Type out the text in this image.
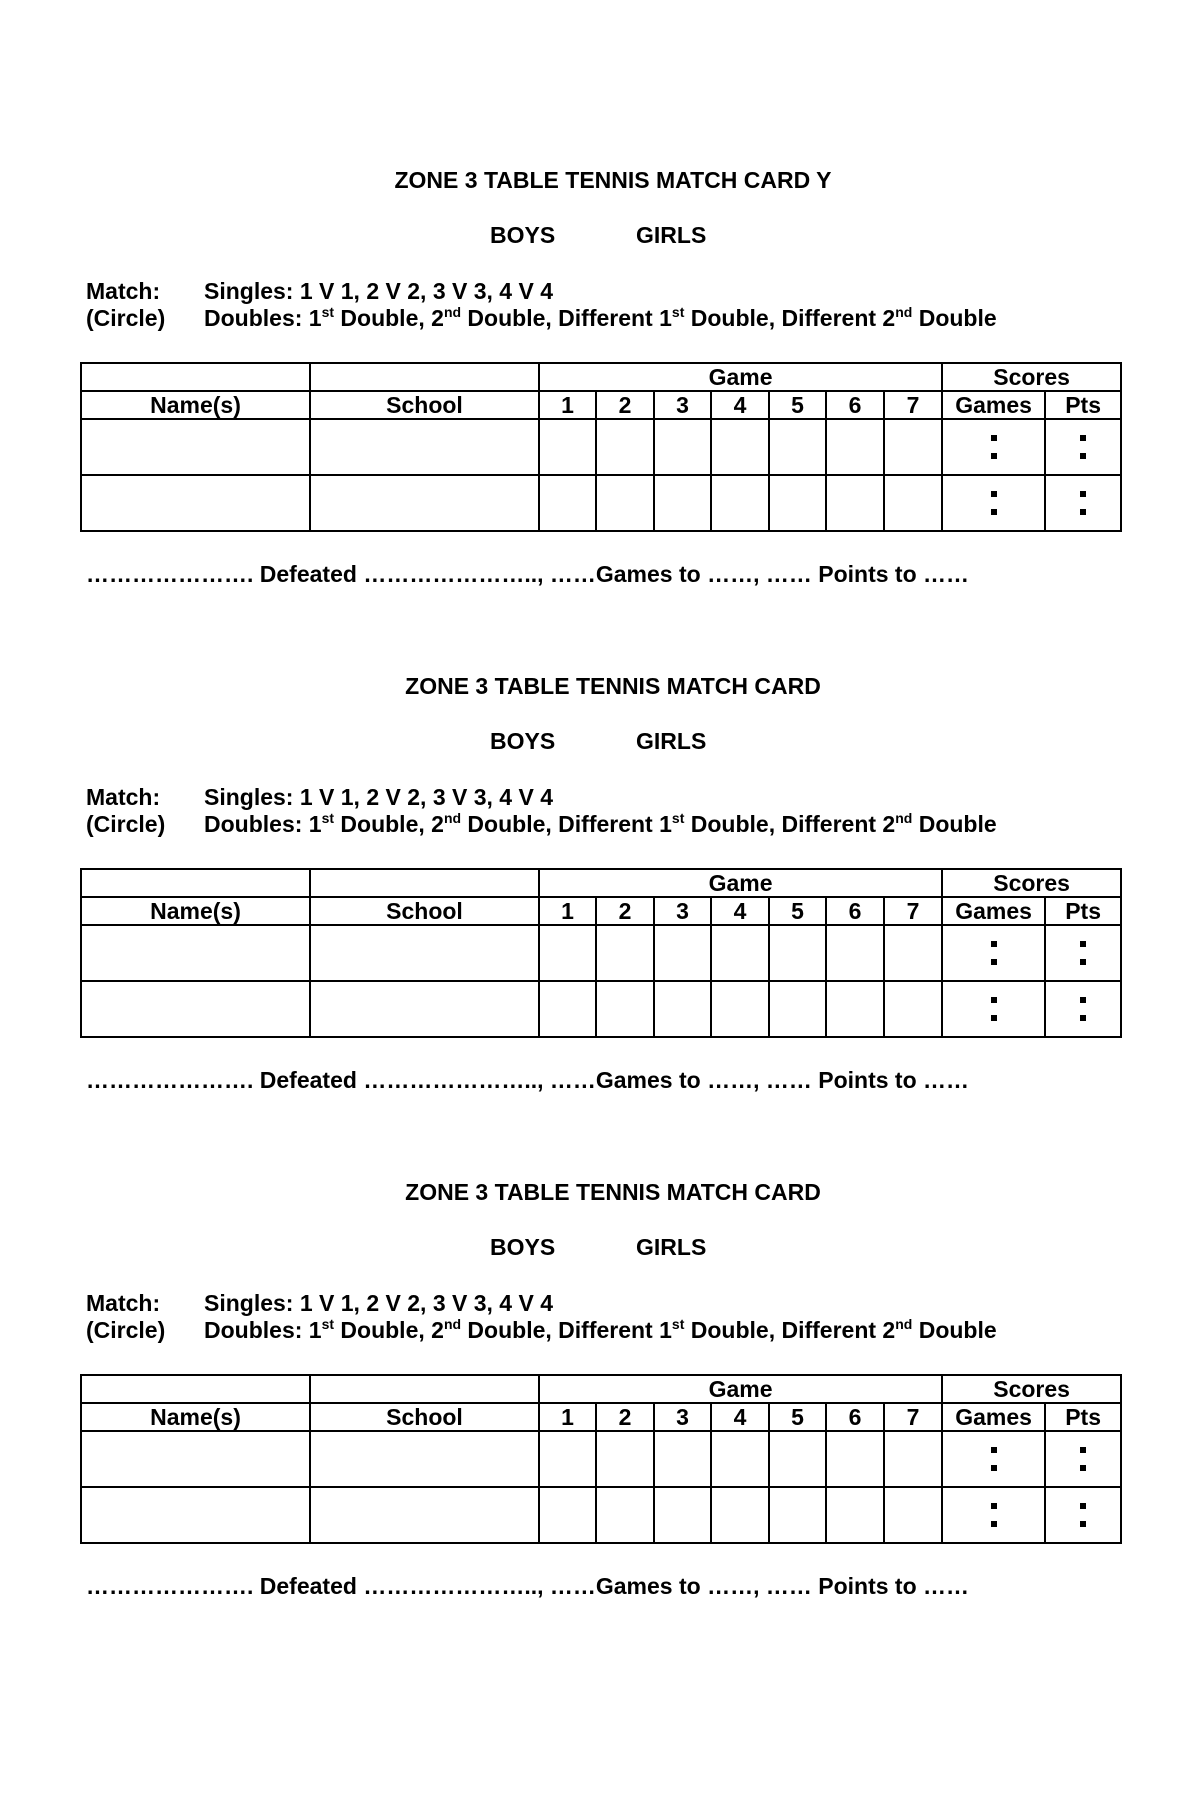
ZONE 3 TABLE TENNIS MATCH CARD Y
BOYS	GIRLS
Match: Singles: 1 V 1, 2 V 2, 3 V 3, 4 V 4
(Circle) Doubles: 1st Double, 2nd Double, Different 1st Double, Different 2nd Double
		Game							Scores	
Name(s)	School	1	2	3	4	5	6	7	Games	Pts

…………………. Defeated ………………….., ……Games to ……, …… Points to ……
ZONE 3 TABLE TENNIS MATCH CARD
BOYS	GIRLS
Match: Singles: 1 V 1, 2 V 2, 3 V 3, 4 V 4
(Circle) Doubles: 1st Double, 2nd Double, Different 1st Double, Different 2nd Double
		Game							Scores	
Name(s)	School	1	2	3	4	5	6	7	Games	Pts

…………………. Defeated ………………….., ……Games to ……, …… Points to ……
ZONE 3 TABLE TENNIS MATCH CARD
BOYS	GIRLS
Match: Singles: 1 V 1, 2 V 2, 3 V 3, 4 V 4
(Circle) Doubles: 1st Double, 2nd Double, Different 1st Double, Different 2nd Double
		Game							Scores	
Name(s)	School	1	2	3	4	5	6	7	Games	Pts

…………………. Defeated ………………….., ……Games to ……, …… Points to ……
